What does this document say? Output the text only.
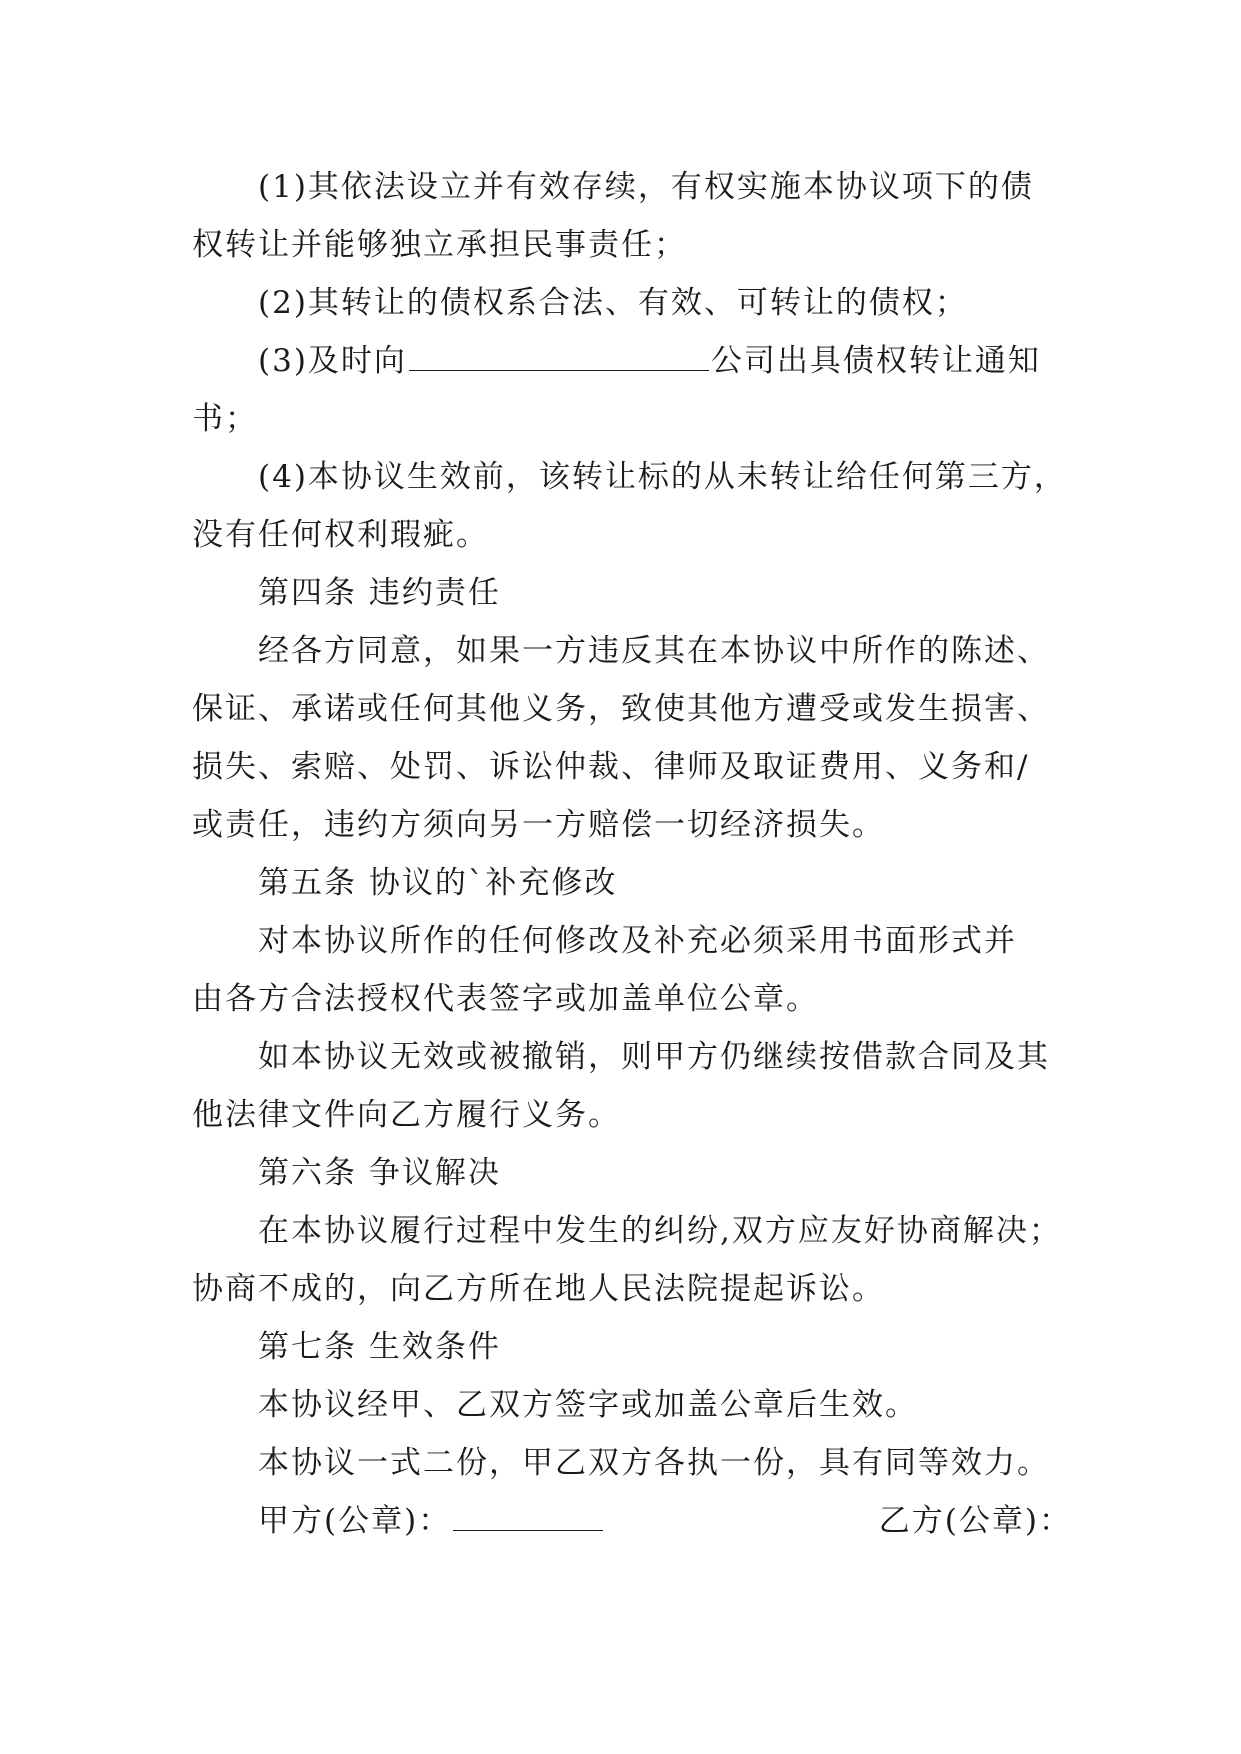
(1)其依法设立并有效存续，有权实施本协议项下的债
权转让并能够独立承担民事责任；
(2)其转让的债权系合法、有效、可转让的债权；
(3)及时向	公司出具债权转让通知
书；
(4)本协议生效前，该转让标的从未转让给任何第三方，
没有任何权利瑕疵。
第四条 违约责任
经各方同意，如果一方违反其在本协议中所作的陈述、
保证、承诺或任何其他义务，致使其他方遭受或发生损害、
损失、索赔、处罚、诉讼仲裁、律师及取证费用、义务和/
或责任，违约方须向另一方赔偿一切经济损失。
第五条 协议的`补充修改
对本协议所作的任何修改及补充必须采用书面形式并
由各方合法授权代表签字或加盖单位公章。
如本协议无效或被撤销，则甲方仍继续按借款合同及其
他法律文件向乙方履行义务。
第六条 争议解决
在本协议履行过程中发生的纠纷,双方应友好协商解决；
协商不成的，向乙方所在地人民法院提起诉讼。
第七条 生效条件
本协议经甲、乙双方签字或加盖公章后生效。
本协议一式二份，甲乙双方各执一份，具有同等效力。
甲方(公章)：	乙方(公章)：
